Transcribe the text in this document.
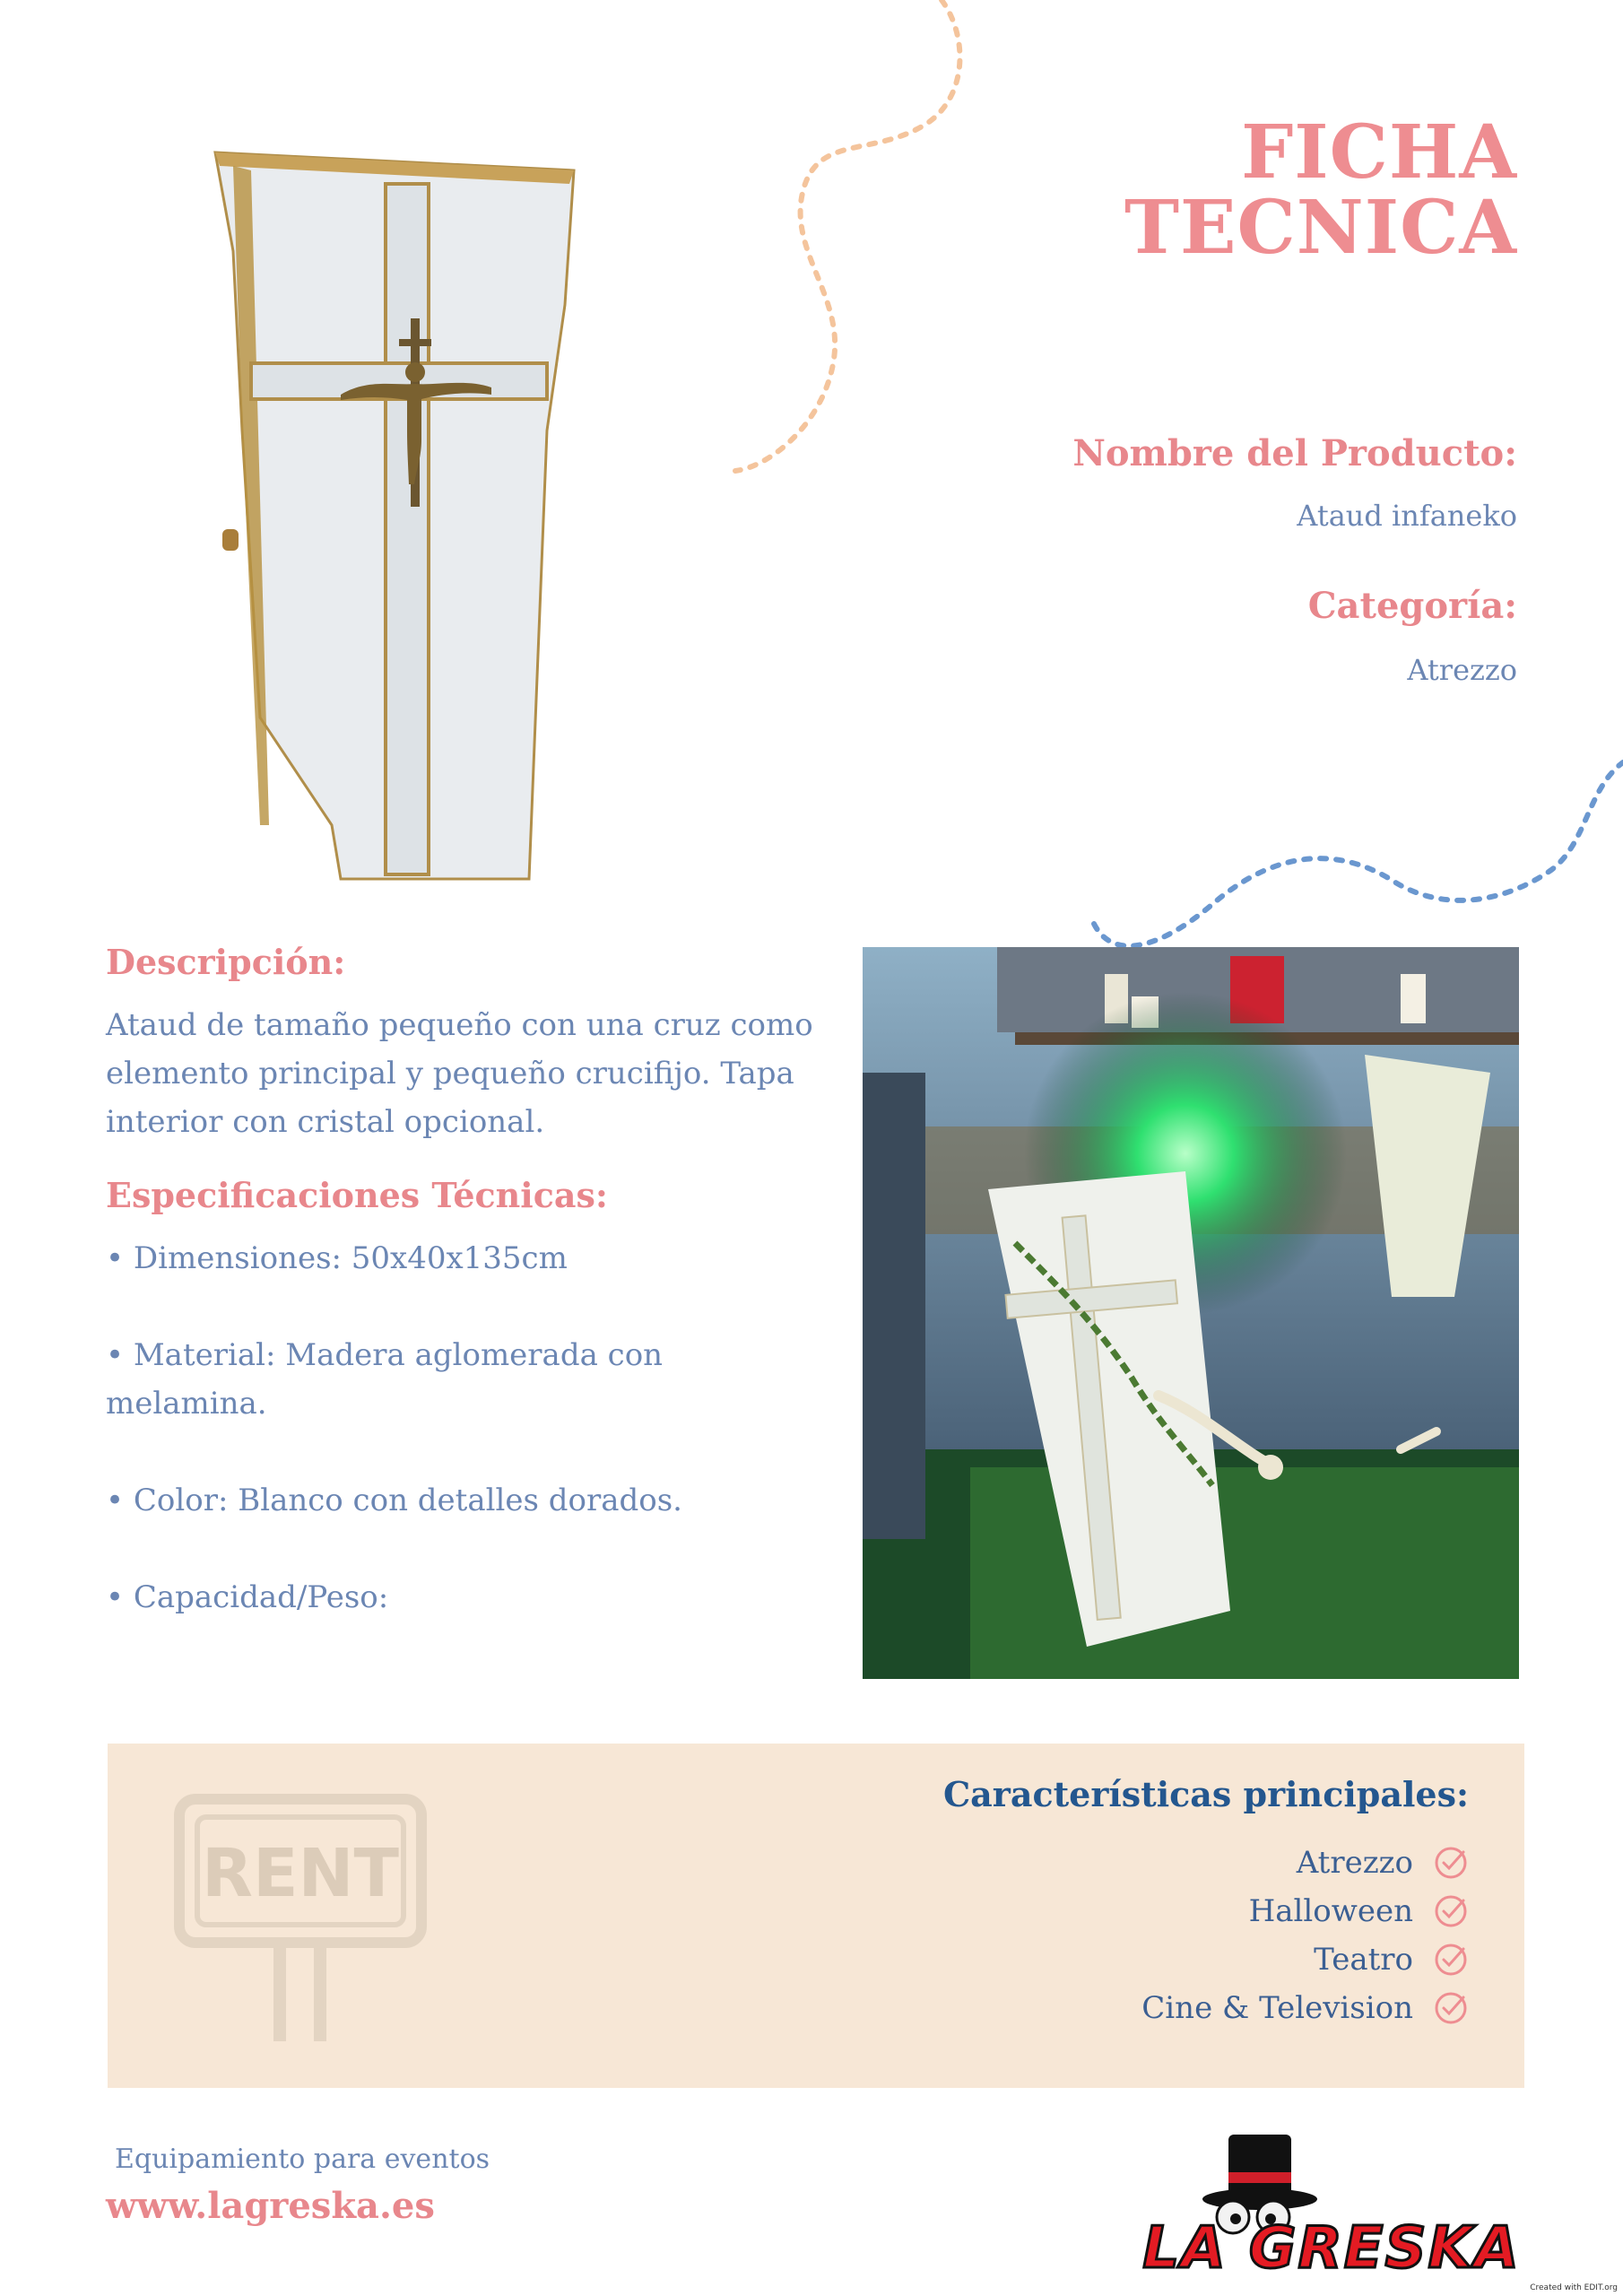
FICHA
TECNICA
Nombre del Producto:
Ataud infaneko
Categoría:
Atrezzo
Descripción:
Ataud de tamaño pequeño con una cruz como elemento principal y pequeño crucifijo. Tapa interior con cristal opcional.
Especificaciones Técnicas:
• Dimensiones: 50x40x135cm
• Material: Madera aglomerada con melamina.
• Color: Blanco con detalles dorados.
• Capacidad/Peso:
RENT
Características principales:
Atrezzo
Halloween
Teatro
Cine & Television
Equipamiento para eventos
www.lagreska.es
LA GRESKA
Created with EDIT.org
